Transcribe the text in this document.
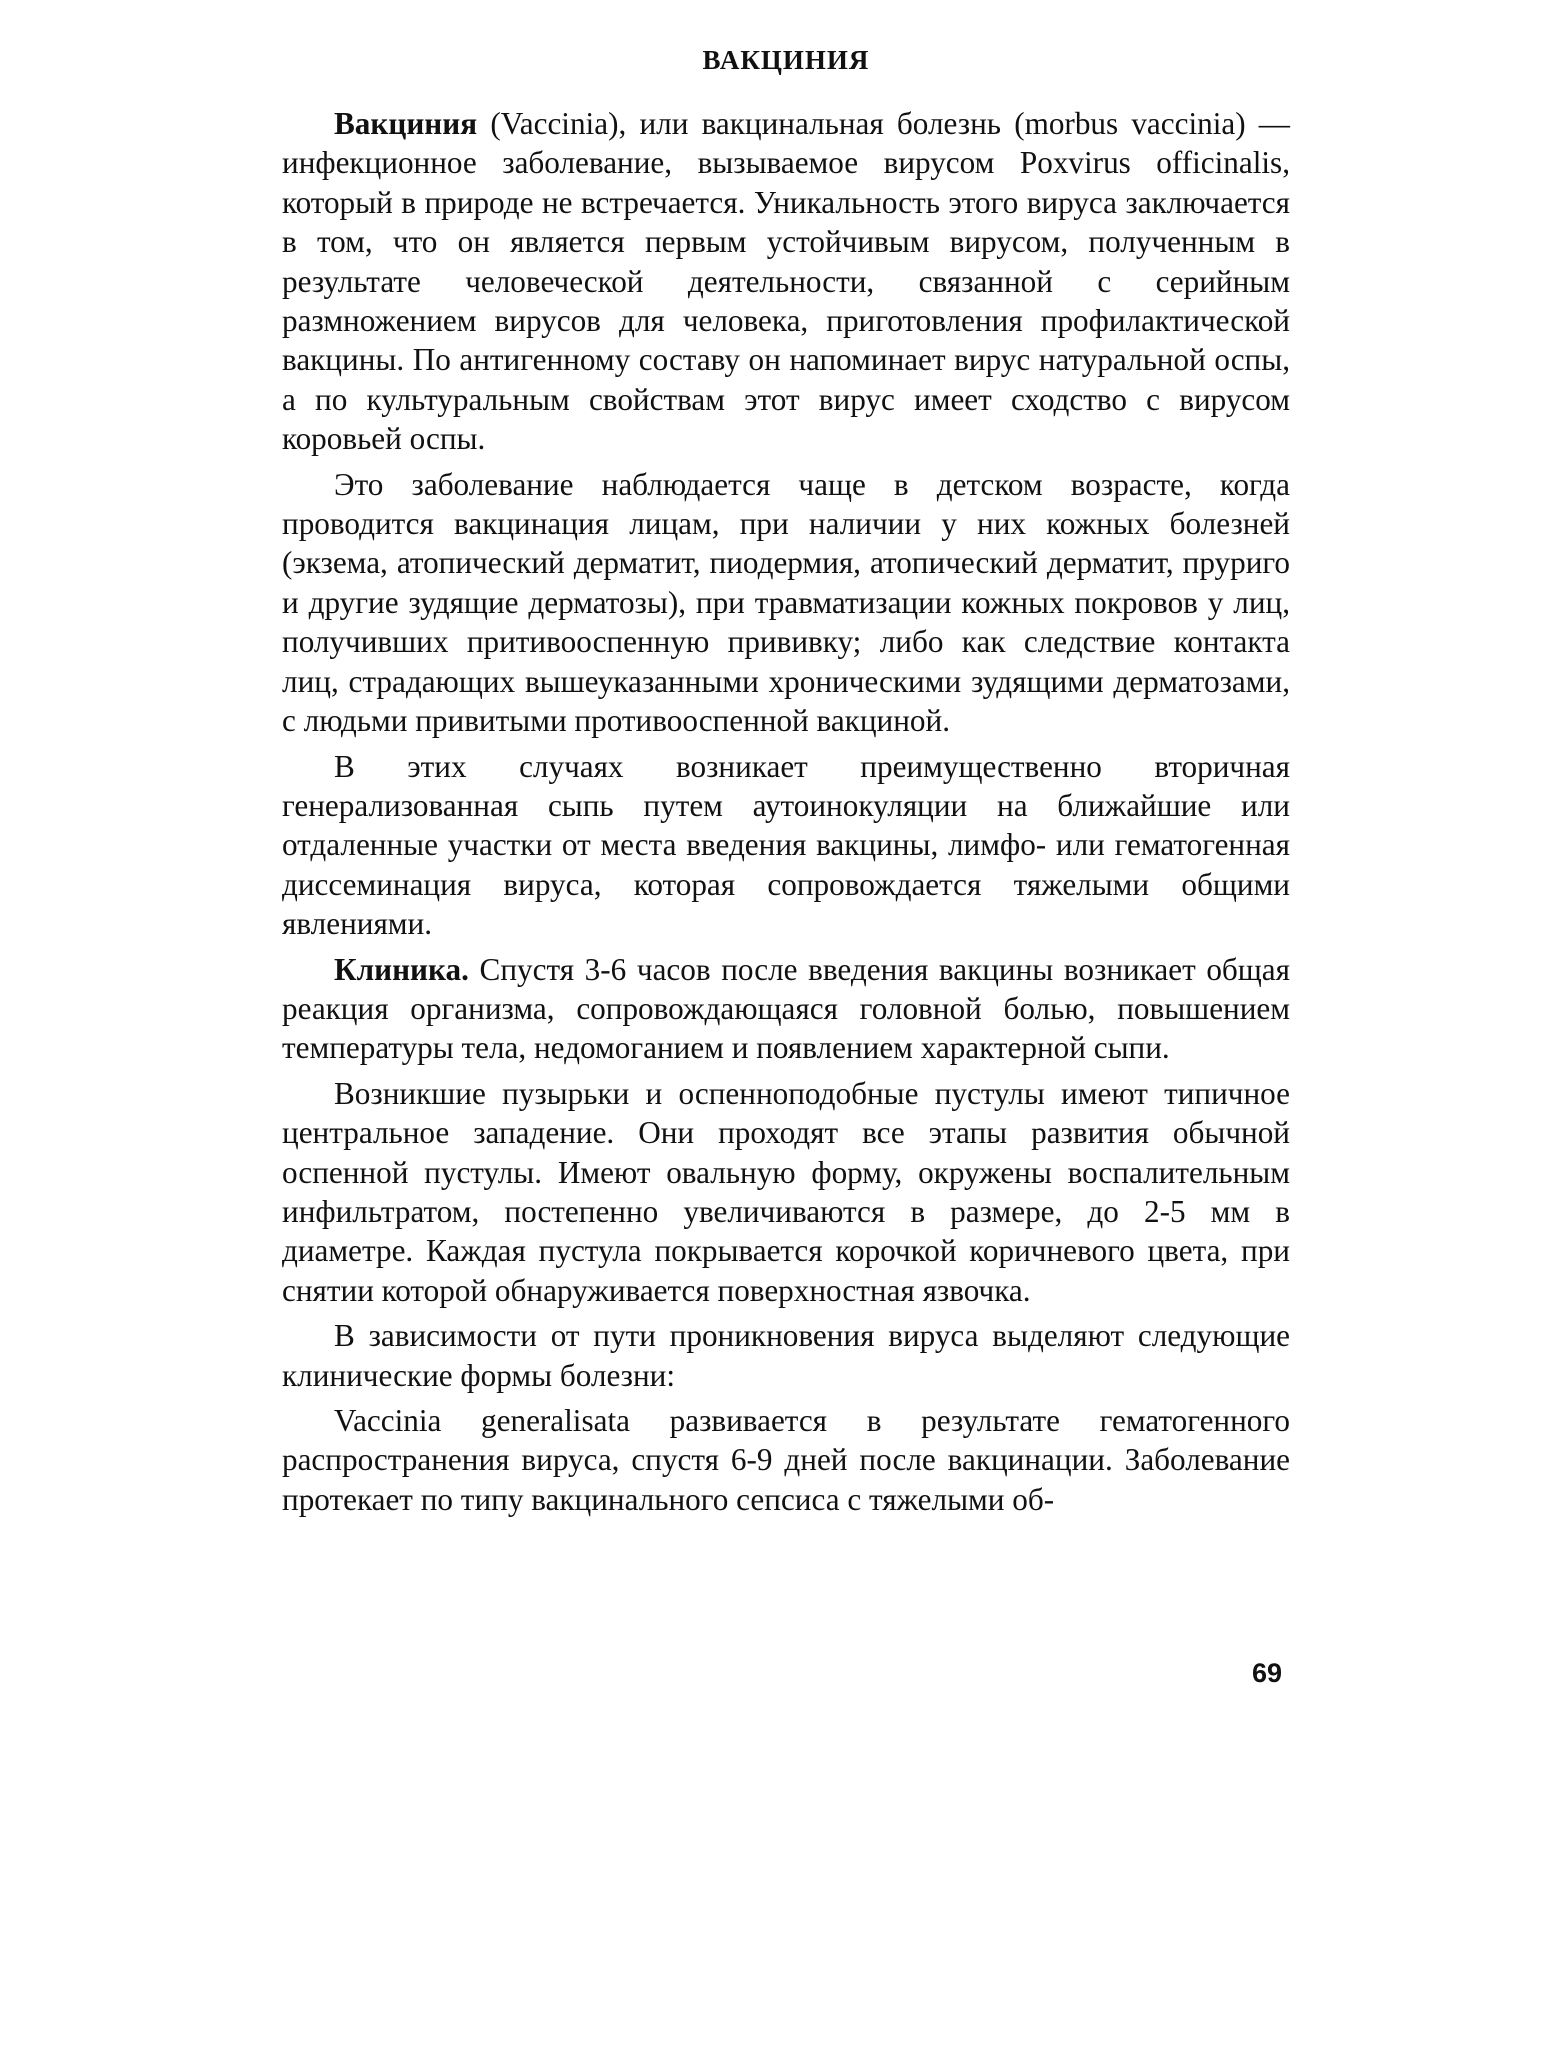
ВАКЦИНИЯ

Вакциния (Vaccinia), или вакцинальная болезнь (morbus vaccinia) — инфекционное заболевание, вызываемое вирусом Poxvirus officinalis, который в природе не встречается. Уникальность этого вируса заключается в том, что он является первым устойчивым вирусом, полученным в результате человеческой деятельности, связанной с серийным размножением вирусов для человека, приготовления профилактической вакцины. По антигенному составу он напоминает вирус натуральной оспы, а по культуральным свойствам этот вирус имеет сходство с вирусом коровьей оспы.

Это заболевание наблюдается чаще в детском возрасте, когда проводится вакцинация лицам, при наличии у них кожных болезней (экзема, атопический дерматит, пиодермия, атопический дерматит, пруриго и другие зудящие дерматозы), при травматизации кожных покровов у лиц, получивших притивооспенную прививку; либо как следствие контакта лиц, страдающих вышеуказанными хроническими зудящими дерматозами, с людьми привитыми противооспенной вакциной.

В этих случаях возникает преимущественно вторичная генерализованная сыпь путем аутоинокуляции на ближайшие или отдаленные участки от места введения вакцины, лимфо- или гематогенная диссеминация вируса, которая сопровождается тяжелыми общими явлениями.

Клиника. Спустя 3-6 часов после введения вакцины возникает общая реакция организма, сопровождающаяся головной болью, повышением температуры тела, недомоганием и появлением характерной сыпи.

Возникшие пузырьки и оспенноподобные пустулы имеют типичное центральное западение. Они проходят все этапы развития обычной оспенной пустулы. Имеют овальную форму, окружены воспалительным инфильтратом, постепенно увеличиваются в размере, до 2-5 мм в диаметре. Каждая пустула покрывается корочкой коричневого цвета, при снятии которой обнаруживается поверхностная язвочка.

В зависимости от пути проникновения вируса выделяют следующие клинические формы болезни:

Vaccinia generalisata развивается в результате гематогенного распространения вируса, спустя 6-9 дней после вакцинации. Заболевание протекает по типу вакцинального сепсиса с тяжелыми об-

69
